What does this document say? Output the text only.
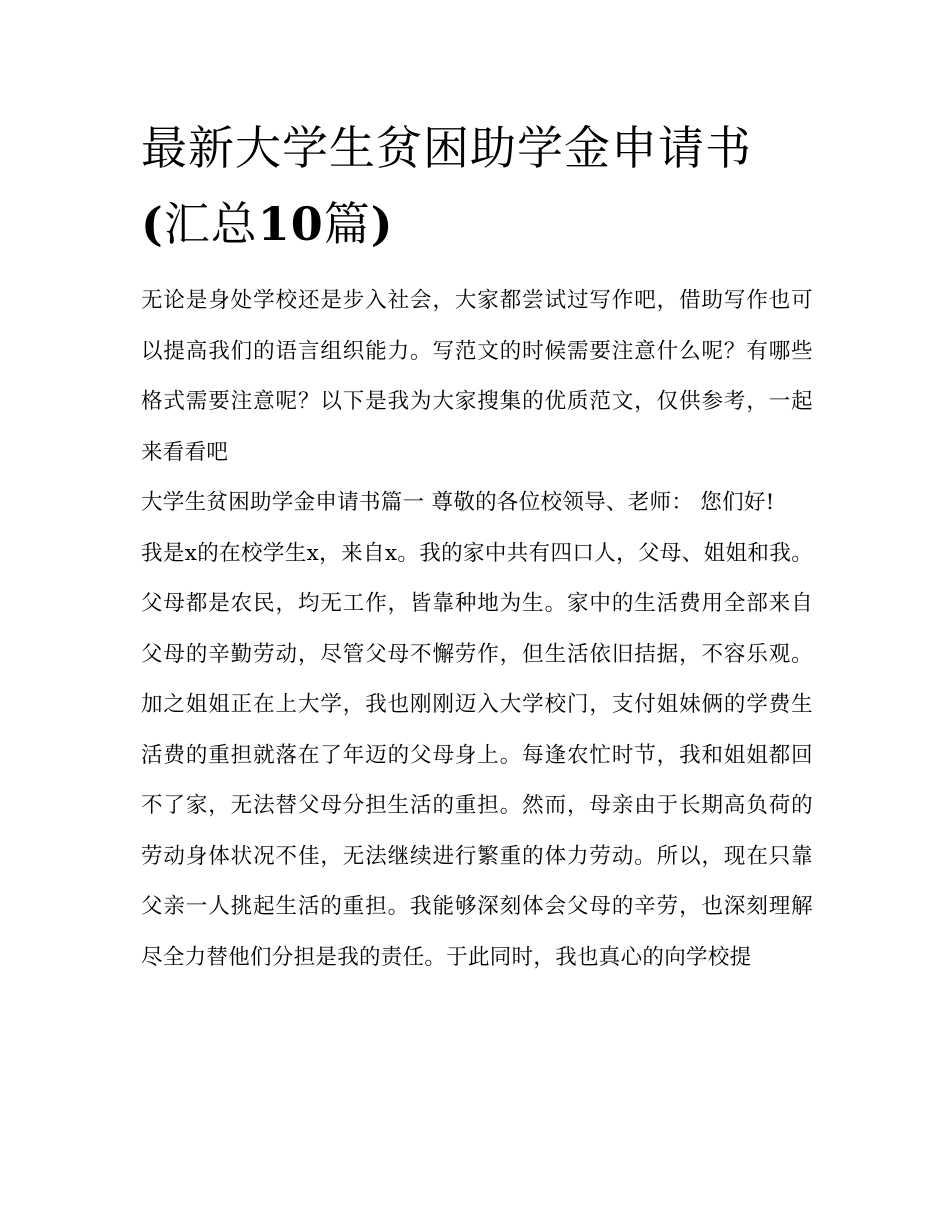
最新大学生贫困助学金申请书
(汇总10篇)

无论是身处学校还是步入社会，大家都尝试过写作吧，借助写作也可以提高我们的语言组织能力。写范文的时候需要注意什么呢？有哪些格式需要注意呢？以下是我为大家搜集的优质范文，仅供参考，一起来看看吧

大学生贫困助学金申请书篇一 尊敬的各位校领导、老师： 您们好!

我是x的在校学生x，来自x。我的家中共有四口人，父母、姐姐和我。父母都是农民，均无工作，皆靠种地为生。家中的生活费用全部来自父母的辛勤劳动，尽管父母不懈劳作，但生活依旧拮据，不容乐观。加之姐姐正在上大学，我也刚刚迈入大学校门，支付姐妹俩的学费生活费的重担就落在了年迈的父母身上。每逢农忙时节，我和姐姐都回不了家，无法替父母分担生活的重担。然而，母亲由于长期高负荷的劳动身体状况不佳，无法继续进行繁重的体力劳动。所以，现在只靠父亲一人挑起生活的重担。我能够深刻体会父母的辛劳，也深刻理解尽全力替他们分担是我的责任。于此同时，我也真心的向学校提
